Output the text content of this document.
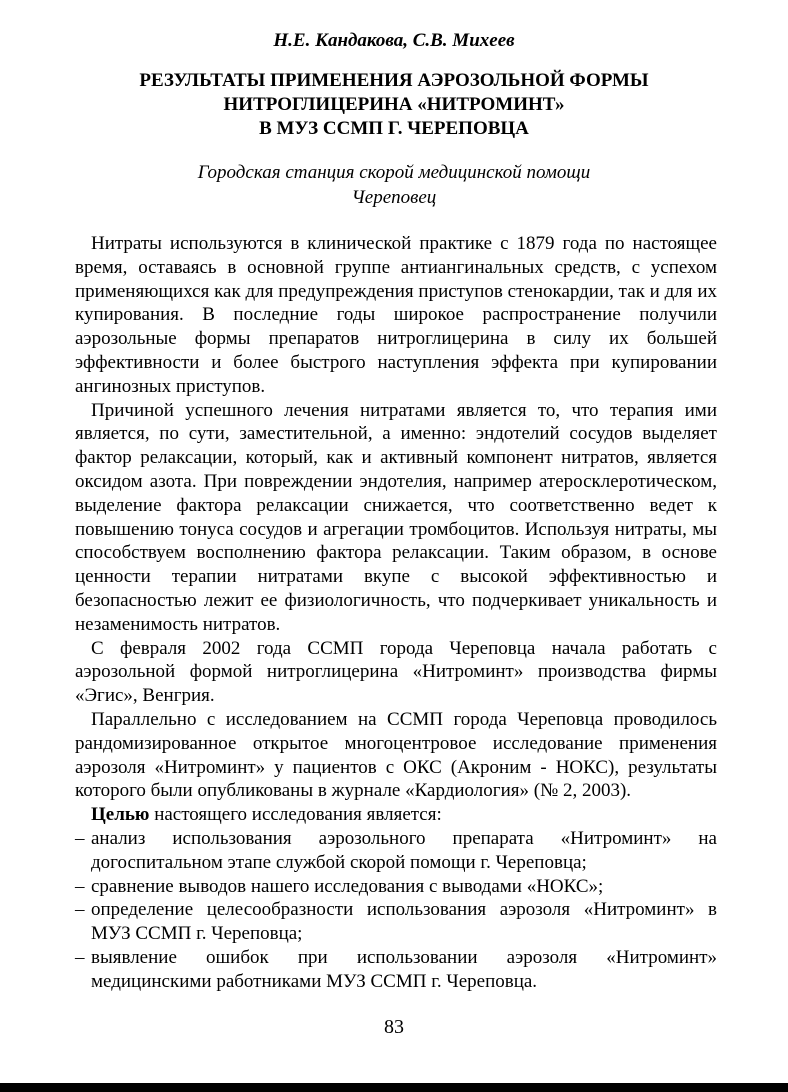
Н.Е. Кандакова, С.В. Михеев
РЕЗУЛЬТАТЫ ПРИМЕНЕНИЯ АЭРОЗОЛЬНОЙ ФОРМЫ
НИТРОГЛИЦЕРИНА «НИТРОМИНТ»
В МУЗ ССМП Г. ЧЕРЕПОВЦА
Городская станция скорой медицинской помощи
Череповец

Нитраты используются в клинической практике с 1879 года по настоящее время, оставаясь в основной группе антиангинальных средств, с успехом применяющихся как для предупреждения приступов стенокардии, так и для их купирования. В последние годы широкое распространение получили аэрозольные формы препаратов нитроглицерина в силу их большей эффективности и более быстрого наступления эффекта при купировании ангинозных приступов.

Причиной успешного лечения нитратами является то, что терапия ими является, по сути, заместительной, а именно: эндотелий сосудов выделяет фактор релаксации, который, как и активный компонент нитратов, является оксидом азота. При повреждении эндотелия, например атеросклеротическом, выделение фактора релаксации снижается, что соответственно ведет к повышению тонуса сосудов и агрегации тромбоцитов. Используя нитраты, мы способствуем восполнению фактора релаксации. Таким образом, в основе ценности терапии нитратами вкупе с высокой эффективностью и безопасностью лежит ее физиологичность, что подчеркивает уникальность и незаменимость нитратов.

С февраля 2002 года ССМП города Череповца начала работать с аэрозольной формой нитроглицерина «Нитроминт» производства фирмы «Эгис», Венгрия.

Параллельно с исследованием на ССМП города Череповца проводилось рандомизированное открытое многоцентровое исследование применения аэрозоля «Нитроминт» у пациентов с ОКС (Акроним - НОКС), результаты которого были опубликованы в журнале «Кардиология» (№ 2, 2003).

Целью настоящего исследования является:

– анализ использования аэрозольного препарата «Нитроминт» на догоспитальном этапе службой скорой помощи г. Череповца;
– сравнение выводов нашего исследования с выводами «НОКС»;
– определение целесообразности использования аэрозоля «Нитроминт» в МУЗ ССМП г. Череповца;
– выявление ошибок при использовании аэрозоля «Нитроминт» медицинскими работниками МУЗ ССМП г. Череповца.
83
